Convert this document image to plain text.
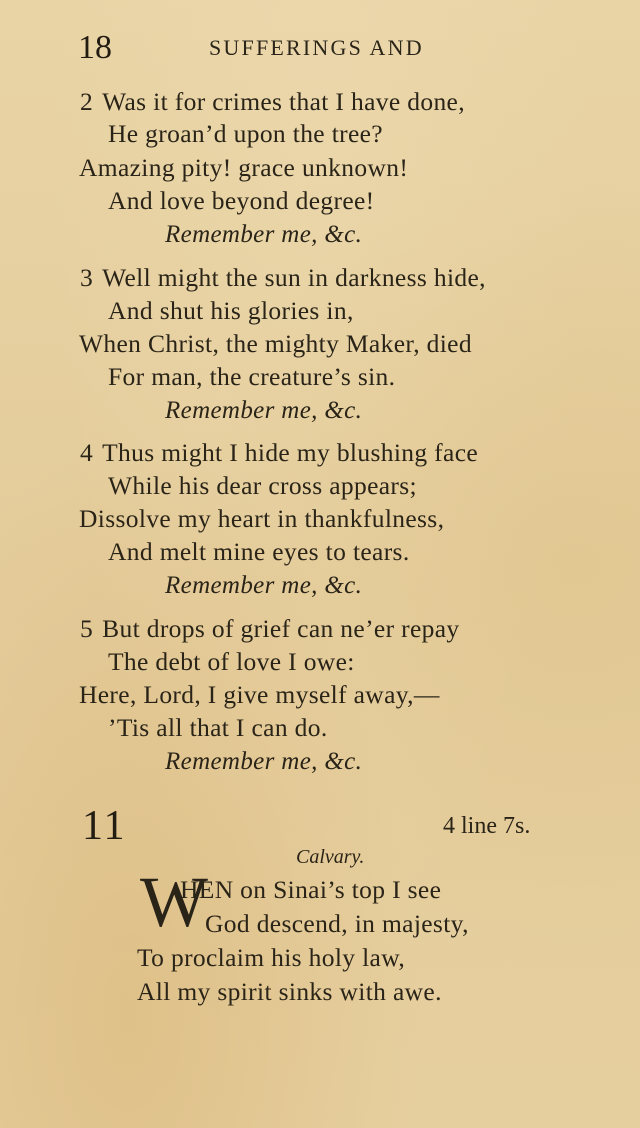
18	SUFFERINGS AND
2 Was it for crimes that I have done,
He groan’d upon the tree?
Amazing pity! grace unknown!
And love beyond degree!
Remember me, &c.
3 Well might the sun in darkness hide,
And shut his glories in,
When Christ, the mighty Maker, died
For man, the creature’s sin.
Remember me, &c.
4 Thus might I hide my blushing face
While his dear cross appears;
Dissolve my heart in thankfulness,
And melt mine eyes to tears.
Remember me, &c.
5 But drops of grief can ne’er repay
The debt of love I owe:
Here, Lord, I give myself away,—
’Tis all that I can do.
Remember me, &c.
11	4 line 7s.
Calvary.
W
HEN on Sinai’s top I see
God descend, in majesty,
To proclaim his holy law,
All my spirit sinks with awe.
